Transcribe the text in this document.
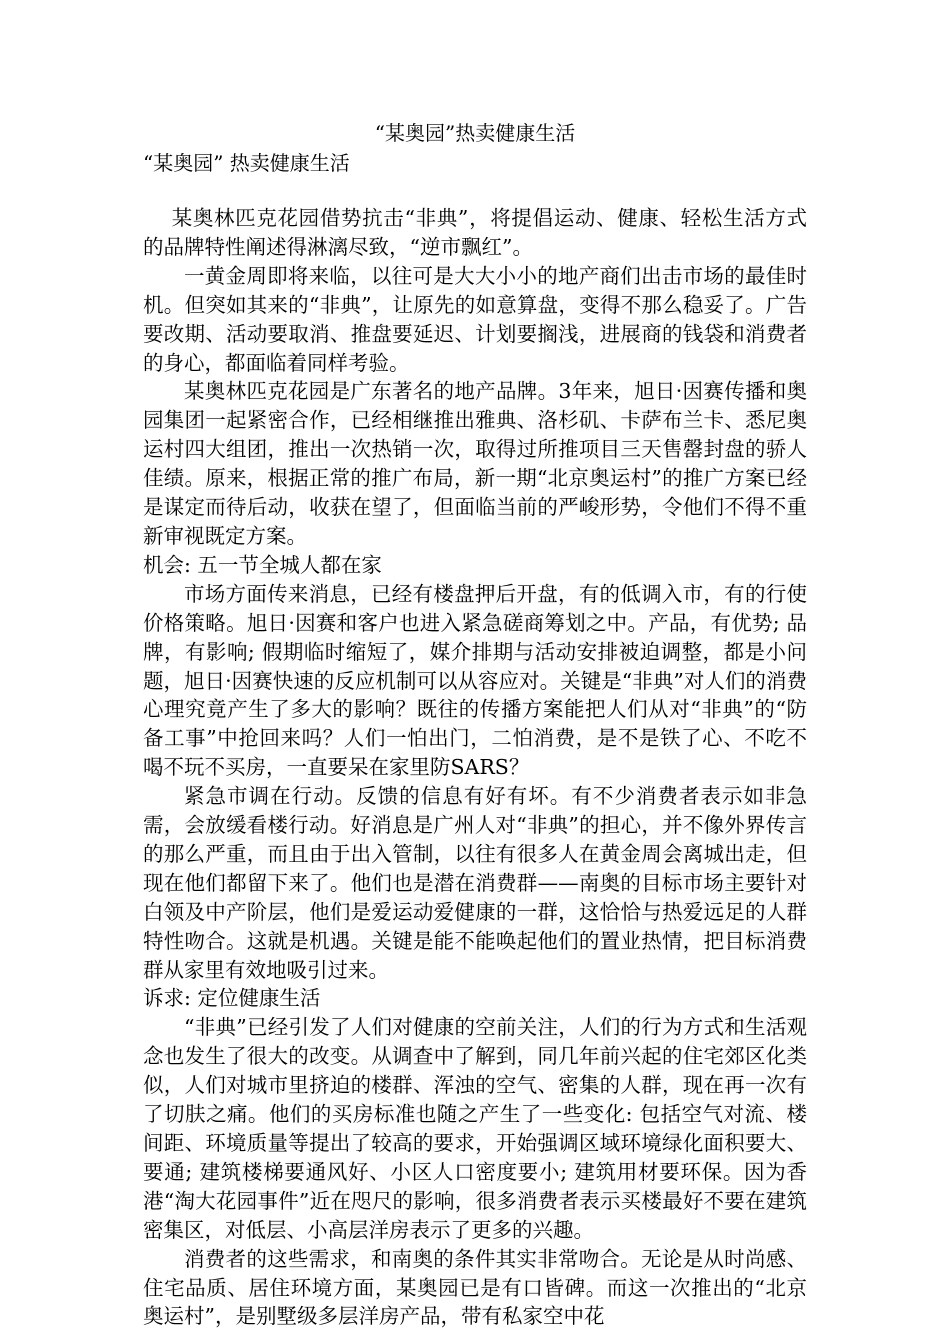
“某奥园”热卖健康生活
“某奥园” 热卖健康生活

某奥林匹克花园借势抗击“非典”，将提倡运动、健康、轻松生活方式的品牌特性阐述得淋漓尽致，“逆市飘红”。

一黄金周即将来临，以往可是大大小小的地产商们出击市场的最佳时机。但突如其来的“非典”，让原先的如意算盘，变得不那么稳妥了。广告要改期、活动要取消、推盘要延迟、计划要搁浅，进展商的钱袋和消费者的身心，都面临着同样考验。

某奥林匹克花园是广东著名的地产品牌。3年来，旭日·因赛传播和奥园集团一起紧密合作，已经相继推出雅典、洛杉矶、卡萨布兰卡、悉尼奥运村四大组团，推出一次热销一次，取得过所推项目三天售罄封盘的骄人佳绩。原来，根据正常的推广布局，新一期“北京奥运村”的推广方案已经是谋定而待后动，收获在望了，但面临当前的严峻形势，令他们不得不重新审视既定方案。

机会: 五一节全城人都在家

市场方面传来消息，已经有楼盘押后开盘，有的低调入市，有的行使价格策略。旭日·因赛和客户也进入紧急磋商筹划之中。产品，有优势; 品牌，有影响; 假期临时缩短了，媒介排期与活动安排被迫调整，都是小问题，旭日·因赛快速的反应机制可以从容应对。关键是“非典”对人们的消费心理究竟产生了多大的影响？既往的传播方案能把人们从对“非典”的“防备工事”中抢回来吗？人们一怕出门，二怕消费，是不是铁了心、不吃不喝不玩不买房，一直要呆在家里防SARS？

紧急市调在行动。反馈的信息有好有坏。有不少消费者表示如非急需，会放缓看楼行动。好消息是广州人对“非典”的担心，并不像外界传言的那么严重，而且由于出入管制，以往有很多人在黄金周会离城出走，但现在他们都留下来了。他们也是潜在消费群——南奥的目标市场主要针对白领及中产阶层，他们是爱运动爱健康的一群，这恰恰与热爱远足的人群特性吻合。这就是机遇。关键是能不能唤起他们的置业热情，把目标消费群从家里有效地吸引过来。

诉求: 定位健康生活

“非典”已经引发了人们对健康的空前关注，人们的行为方式和生活观念也发生了很大的改变。从调查中了解到，同几年前兴起的住宅郊区化类似，人们对城市里挤迫的楼群、浑浊的空气、密集的人群，现在再一次有了切肤之痛。他们的买房标准也随之产生了一些变化: 包括空气对流、楼间距、环境质量等提出了较高的要求，开始强调区域环境绿化面积要大、要通; 建筑楼梯要通风好、小区人口密度要小; 建筑用材要环保。因为香港“淘大花园事件”近在咫尺的影响，很多消费者表示买楼最好不要在建筑密集区，对低层、小高层洋房表示了更多的兴趣。

消费者的这些需求，和南奥的条件其实非常吻合。无论是从时尚感、住宅品质、居住环境方面，某奥园已是有口皆碑。而这一次推出的“北京奥运村”，是别墅级多层洋房产品，带有私家空中花
